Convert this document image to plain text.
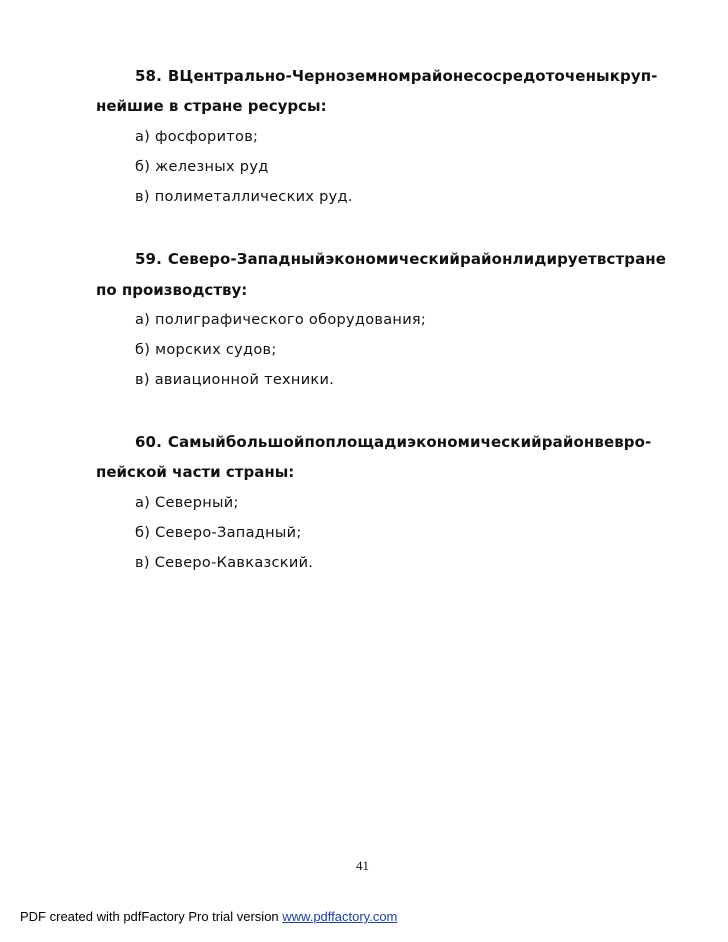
58. В Центрально-Черноземном районе сосредоточены круп-
нейшие в стране ресурсы:
а) фосфоритов;
б) железных руд
в) полиметаллических руд.
59. Северо-Западный экономический район лидирует в стране
по производству:
а) полиграфического оборудования;
б) морских судов;
в) авиационной техники.
60. Самый большой по площади экономический район в евро-
пейской части страны:
а) Северный;
б) Северо-Западный;
в) Северо-Кавказский.
41
PDF created with pdfFactory Pro trial version www.pdffactory.com
